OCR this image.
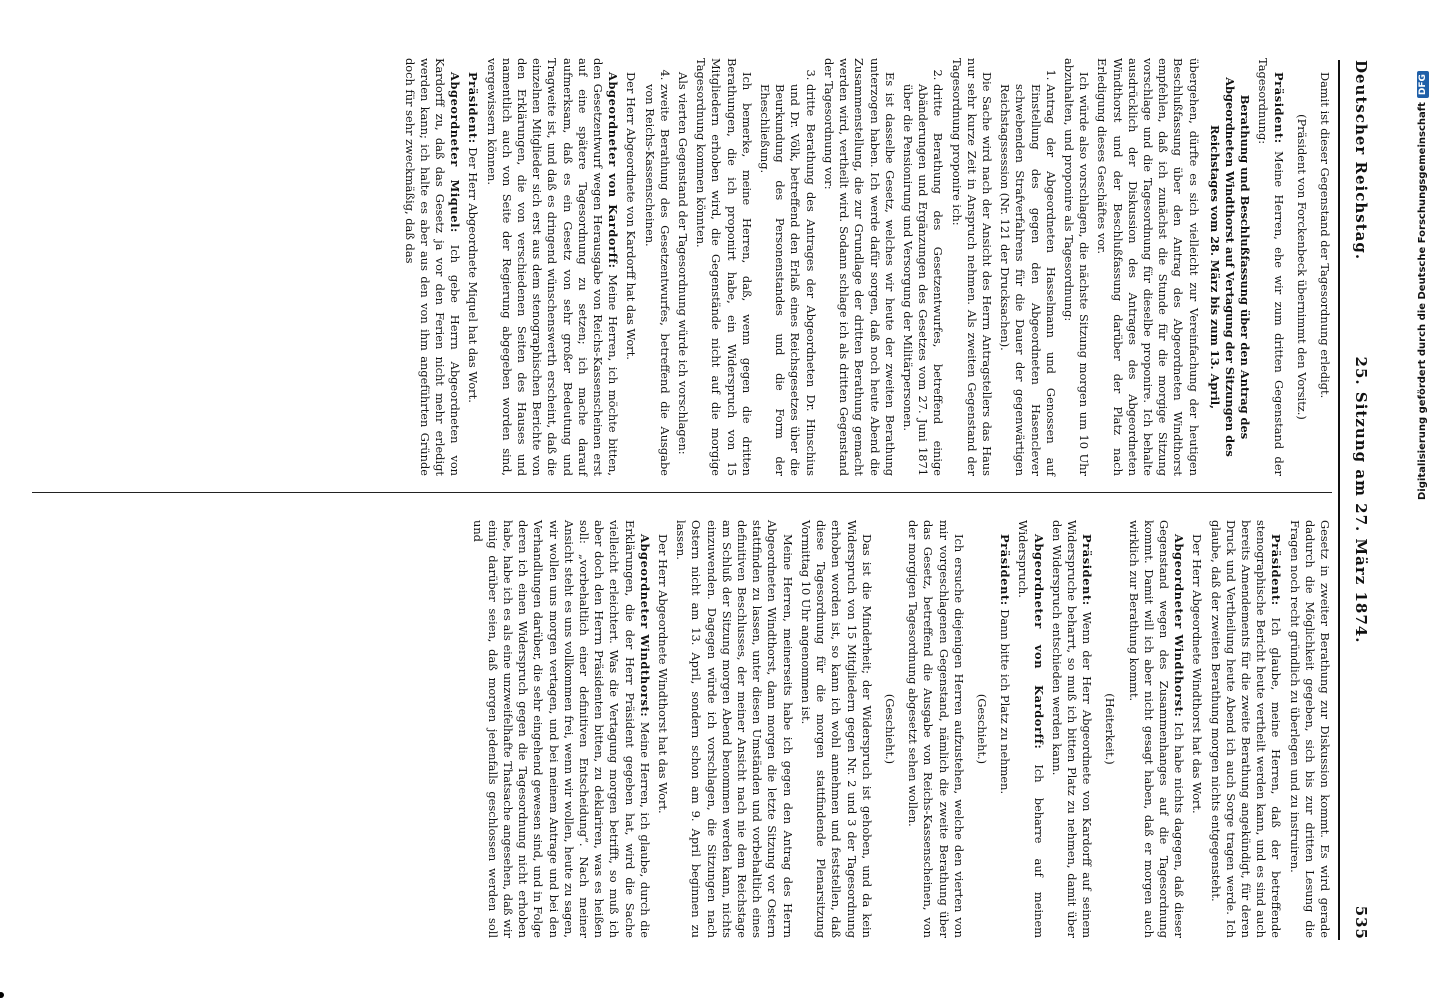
Deutscher Reichstag.
25. Sitzung am 27. März 1874.
535

Damit ist dieser Gegenstand der Tagesordnung erledigt.

(Präsident von Forckenbeck übernimmt den Vorsitz.)

Präsident: Meine Herren, ehe wir zum dritten Gegenstand der Tagesordnung:

Berathung und Beschlußfassung über den Antrag des Abgeordneten Windthorst auf Vertagung der Sitzungen des Reichstages vom 28. März bis zum 13. April,

übergehen, dürfte es sich vielleicht zur Vereinfachung der heutigen Beschlußfassung über den Antrag des Abgeordneten Windthorst empfehlen, daß ich zunächst die Stunde für die morgige Sitzung vorschlage und die Tagesordnung für dieselbe proponire. Ich behalte ausdrücklich der Diskussion des Antrages des Abgeordneten Windthorst und der Beschlußfassung darüber der Platz nach Erledigung dieses Geschäftes vor.

Ich würde also vorschlagen, die nächste Sitzung morgen um 10 Uhr abzuhalten, und proponire als Tagesordnung:

1. Antrag der Abgeordneten Hasselmann und Genossen auf Einstellung des gegen den Abgeordneten Hasenclever schwebenden Strafverfahrens für die Dauer der gegenwärtigen Reichstagssession (Nr. 121 der Drucksachen).

Die Sache wird nach der Ansicht des Herrn Antragstellers das Haus nur sehr kurze Zeit in Anspruch nehmen. Als zweiten Gegenstand der Tagesordnung proponire ich:

2. dritte Berathung des Gesetzentwurfes, betreffend einige Abänderungen und Ergänzungen des Gesetzes vom 27. Juni 1871 über die Pensionirung und Versorgung der Militärpersonen.

Es ist dasselbe Gesetz, welches wir heute der zweiten Berathung unterzogen haben. Ich werde dafür sorgen, daß noch heute Abend die Zusammenstellung, die zur Grundlage der dritten Berathung gemacht werden wird, vertheilt wird. Sodann schlage ich als dritten Gegenstand der Tagesordnung vor:

3. dritte Berathung des Antrages der Abgeordneten Dr. Hinschius und Dr. Völk, betreffend den Erlaß eines Reichsgesetzes über die Beurkundung des Personenstandes und die Form der Eheschließung.

Ich bemerke, meine Herren, daß, wenn gegen die dritten Berathungen, die ich proponirt habe, ein Widerspruch von 15 Mitgliedern erhoben wird, die Gegenstände nicht auf die morgige Tagesordnung kommen könnten.

Als vierten Gegenstand der Tagesordnung würde ich vorschlagen:

4. zweite Berathung des Gesetzentwurfes, betreffend die Ausgabe von Reichs-Kassenscheinen.

Der Herr Abgeordnete von Kardorff hat das Wort.

Abgeordneter von Kardorff: Meine Herren, ich möchte bitten, den Gesetzentwurf wegen Herausgabe von Reichs-Kassenscheinen erst auf eine spätere Tagesordnung zu setzen; ich mache darauf aufmerksam, daß es ein Gesetz von sehr großer Bedeutung und Tragweite ist, und daß es dringend wünschenswerth erscheint, daß die einzelnen Mitglieder sich erst aus dem stenographischen Berichte von den Erklärungen, die von verschiedenen Seiten des Hauses und namentlich auch von Seite der Regierung abgegeben worden sind, vergewissern können.

Präsident: Der Herr Abgeordnete Miquel hat das Wort.

Abgeordneter Miquel: Ich gebe Herrn Abgeordneten von Kardorff zu, daß das Gesetz ja vor den Ferien nicht mehr erledigt werden kann; ich halte es aber aus den von ihm angeführten Gründe doch für sehr zweckmäßig, daß das

Gesetz in zweiter Berathung zur Diskussion kommt. Es wird gerade dadurch die Möglichkeit gegeben, sich bis zur dritten Lesung die Fragen noch recht gründlich zu überlegen und zu instruiren.

Präsident: Ich glaube, meine Herren, daß der betreffende stenographische Bericht heute vertheilt werden kann, und es sind auch bereits Amendements für die zweite Berathung angekündigt, für deren Druck und Vertheilung heute Abend ich auch Sorge tragen werde. Ich glaube, daß der zweiten Berathung morgen nichts entgegensteht.

Der Herr Abgeordnete Windthorst hat das Wort.

Abgeordneter Windthorst: Ich habe nichts dagegen, daß dieser Gegenstand wegen des Zusammenhanges auf die Tagesordnung kommt. Damit will ich aber nicht gesagt haben, daß er morgen auch wirklich zur Berathung kommt.

(Heiterkeit.)

Präsident: Wenn der Herr Abgeordnete von Kardorff auf seinem Widerspruche beharrt, so muß ich bitten Platz zu nehmen, damit über den Widerspruch entschieden werden kann.

Abgeordneter von Kardorff: Ich beharre auf meinem Widerspruch.

Präsident: Dann bitte ich Platz zu nehmen.

(Geschieht.)

Ich ersuche diejenigen Herren aufzustehen, welche den vierten von mir vorgeschlagenen Gegenstand, nämlich die zweite Berathung über das Gesetz, betreffend die Ausgabe von Reichs-Kassenscheinen, von der morgigen Tagesordnung abgesetzt sehen wollen.

(Geschieht.)

Das ist die Minderheit; der Widerspruch ist gehoben, und da kein Widerspruch von 15 Mitgliedern gegen Nr. 2 und 3 der Tagesordnung erhoben worden ist, so kann ich wohl annehmen und feststellen, daß diese Tagesordnung für die morgen stattfindende Plenarsitzung Vormittag 10 Uhr angenommen ist.

Meine Herren, meinerseits habe ich gegen den Antrag des Herrn Abgeordneten Windthorst, dann morgen die letzte Sitzung vor Ostern stattfinden zu lassen, unter diesen Umständen und vorbehaltlich eines definitiven Beschlusses, der meiner Ansicht nach nie dem Reichstage am Schluß der Sitzung morgen Abend benommen werden kann, nichts einzuwenden. Dagegen würde ich vorschlagen, die Sitzungen nach Ostern nicht am 13. April, sondern schon am 9. April beginnen zu lassen.

Der Herr Abgeordnete Windthorst hat das Wort.

Abgeordneter Windthorst: Meine Herren, ich glaube, durch die Erklärungen, die der Herr Präsident gegeben hat, wird die Sache vielleicht erleichtert. Was die Vertagung morgen betrifft, so muß ich aber doch den Herrn Präsidenten bitten, zu deklariren, was es heißen soll: „vorbehaltlich einer definitiven Entscheidung“. Nach meiner Ansicht steht es uns vollkommen frei, wenn wir wollen, heute zu sagen, wir wollen uns morgen vertagen, und bei meinem Antrage und bei den Verhandlungen darüber, die sehr eingehend gewesen sind, und in Folge deren ich einen Widerspruch gegen die Tagesordnung nicht erhoben habe, habe ich es als eine unzweifelhafte Thatsache angesehen, daß wir einig darüber seien, daß morgen jedenfalls geschlossen werden soll und

Digitalisierung gefördert durch die Deutsche ForschungsgemeinschaftDFG
